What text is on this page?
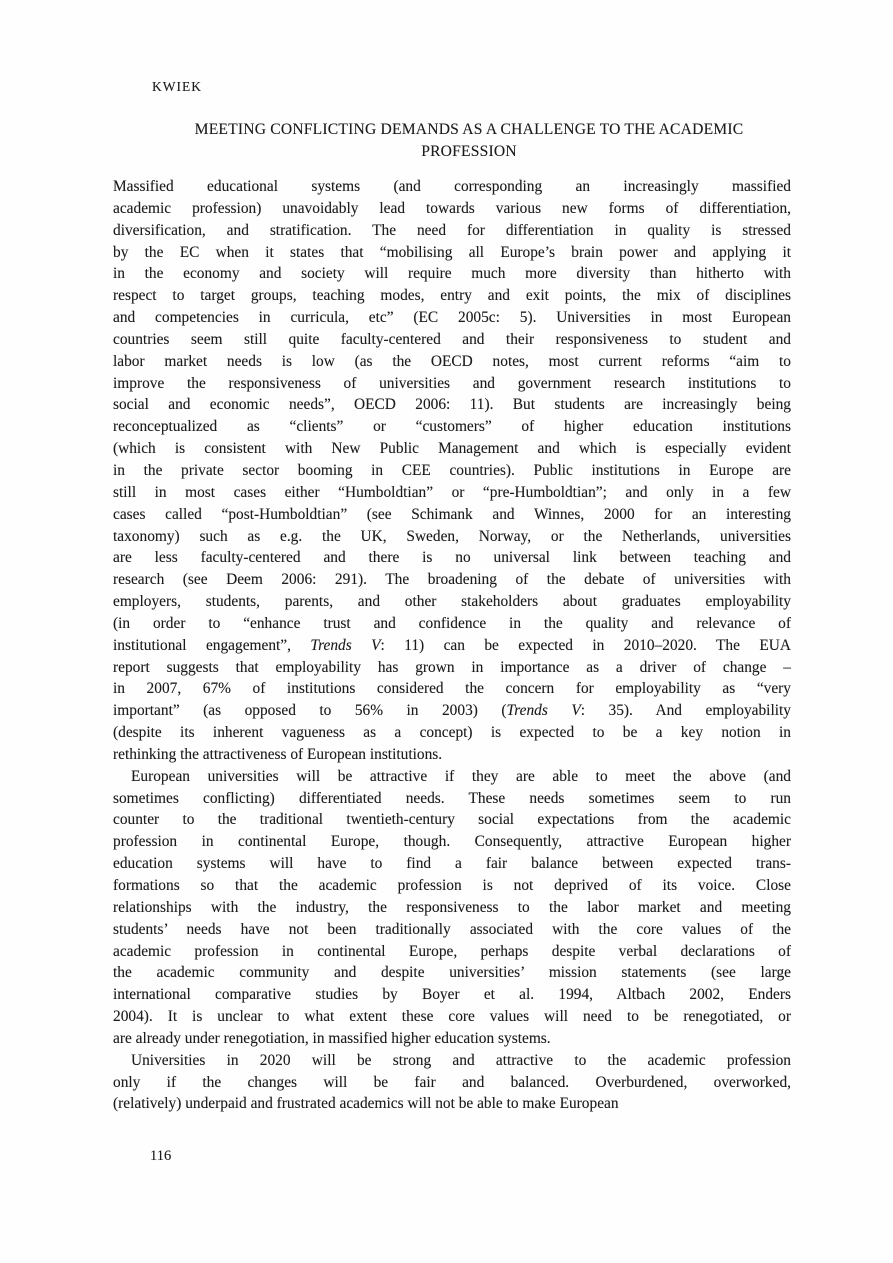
KWIEK
MEETING CONFLICTING DEMANDS AS A CHALLENGE TO THE ACADEMIC
PROFESSION
Massified educational systems (and corresponding an increasingly massified
academic profession) unavoidably lead towards various new forms of differentiation,
diversification, and stratification. The need for differentiation in quality is stressed
by the EC when it states that “mobilising all Europe’s brain power and applying it
in the economy and society will require much more diversity than hitherto with
respect to target groups, teaching modes, entry and exit points, the mix of disciplines
and competencies in curricula, etc” (EC 2005c: 5). Universities in most European
countries seem still quite faculty-centered and their responsiveness to student and
labor market needs is low (as the OECD notes, most current reforms “aim to
improve the responsiveness of universities and government research institutions to
social and economic needs”, OECD 2006: 11). But students are increasingly being
reconceptualized as “clients” or “customers” of higher education institutions
(which is consistent with New Public Management and which is especially evident
in the private sector booming in CEE countries). Public institutions in Europe are
still in most cases either “Humboldtian” or “pre-Humboldtian”; and only in a few
cases called “post-Humboldtian” (see Schimank and Winnes, 2000 for an interesting
taxonomy) such as e.g. the UK, Sweden, Norway, or the Netherlands, universities
are less faculty-centered and there is no universal link between teaching and
research (see Deem 2006: 291). The broadening of the debate of universities with
employers, students, parents, and other stakeholders about graduates employability
(in order to “enhance trust and confidence in the quality and relevance of
institutional engagement”, Trends V: 11) can be expected in 2010–2020. The EUA
report suggests that employability has grown in importance as a driver of change –
in 2007, 67% of institutions considered the concern for employability as “very
important” (as opposed to 56% in 2003) (Trends V: 35). And employability
(despite its inherent vagueness as a concept) is expected to be a key notion in
rethinking the attractiveness of European institutions.
European universities will be attractive if they are able to meet the above (and
sometimes conflicting) differentiated needs. These needs sometimes seem to run
counter to the traditional twentieth-century social expectations from the academic
profession in continental Europe, though. Consequently, attractive European higher
education systems will have to find a fair balance between expected trans-
formations so that the academic profession is not deprived of its voice. Close
relationships with the industry, the responsiveness to the labor market and meeting
students’ needs have not been traditionally associated with the core values of the
academic profession in continental Europe, perhaps despite verbal declarations of
the academic community and despite universities’ mission statements (see large
international comparative studies by Boyer et al. 1994, Altbach 2002, Enders
2004). It is unclear to what extent these core values will need to be renegotiated, or
are already under renegotiation, in massified higher education systems.
Universities in 2020 will be strong and attractive to the academic profession
only if the changes will be fair and balanced. Overburdened, overworked,
(relatively) underpaid and frustrated academics will not be able to make European
116
